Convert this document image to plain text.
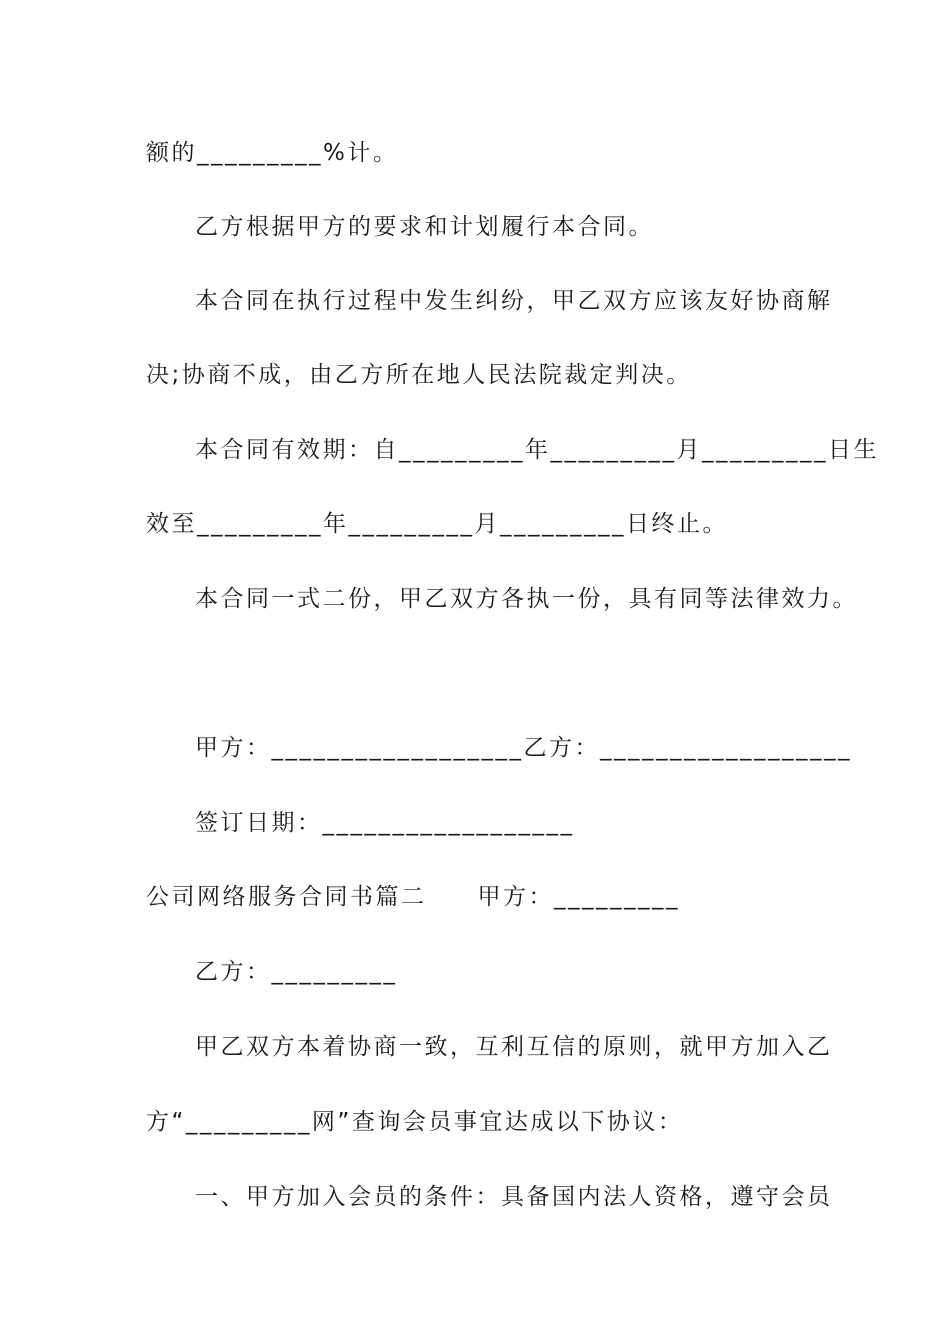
额的_________%计。
乙方根据甲方的要求和计划履行本合同。
本合同在执行过程中发生纠纷，甲乙双方应该友好协商解
决;协商不成，由乙方所在地人民法院裁定判决。
本合同有效期：自_________年_________月_________日生
效至_________年_________月_________日终止。
本合同一式二份，甲乙双方各执一份，具有同等法律效力。
甲方：__________________乙方：__________________
签订日期：__________________
公司网络服务合同书篇二　　甲方：_________
乙方：_________
甲乙双方本着协商一致，互利互信的原则，就甲方加入乙
方“_________网”查询会员事宜达成以下协议：
一、甲方加入会员的条件：具备国内法人资格，遵守会员
